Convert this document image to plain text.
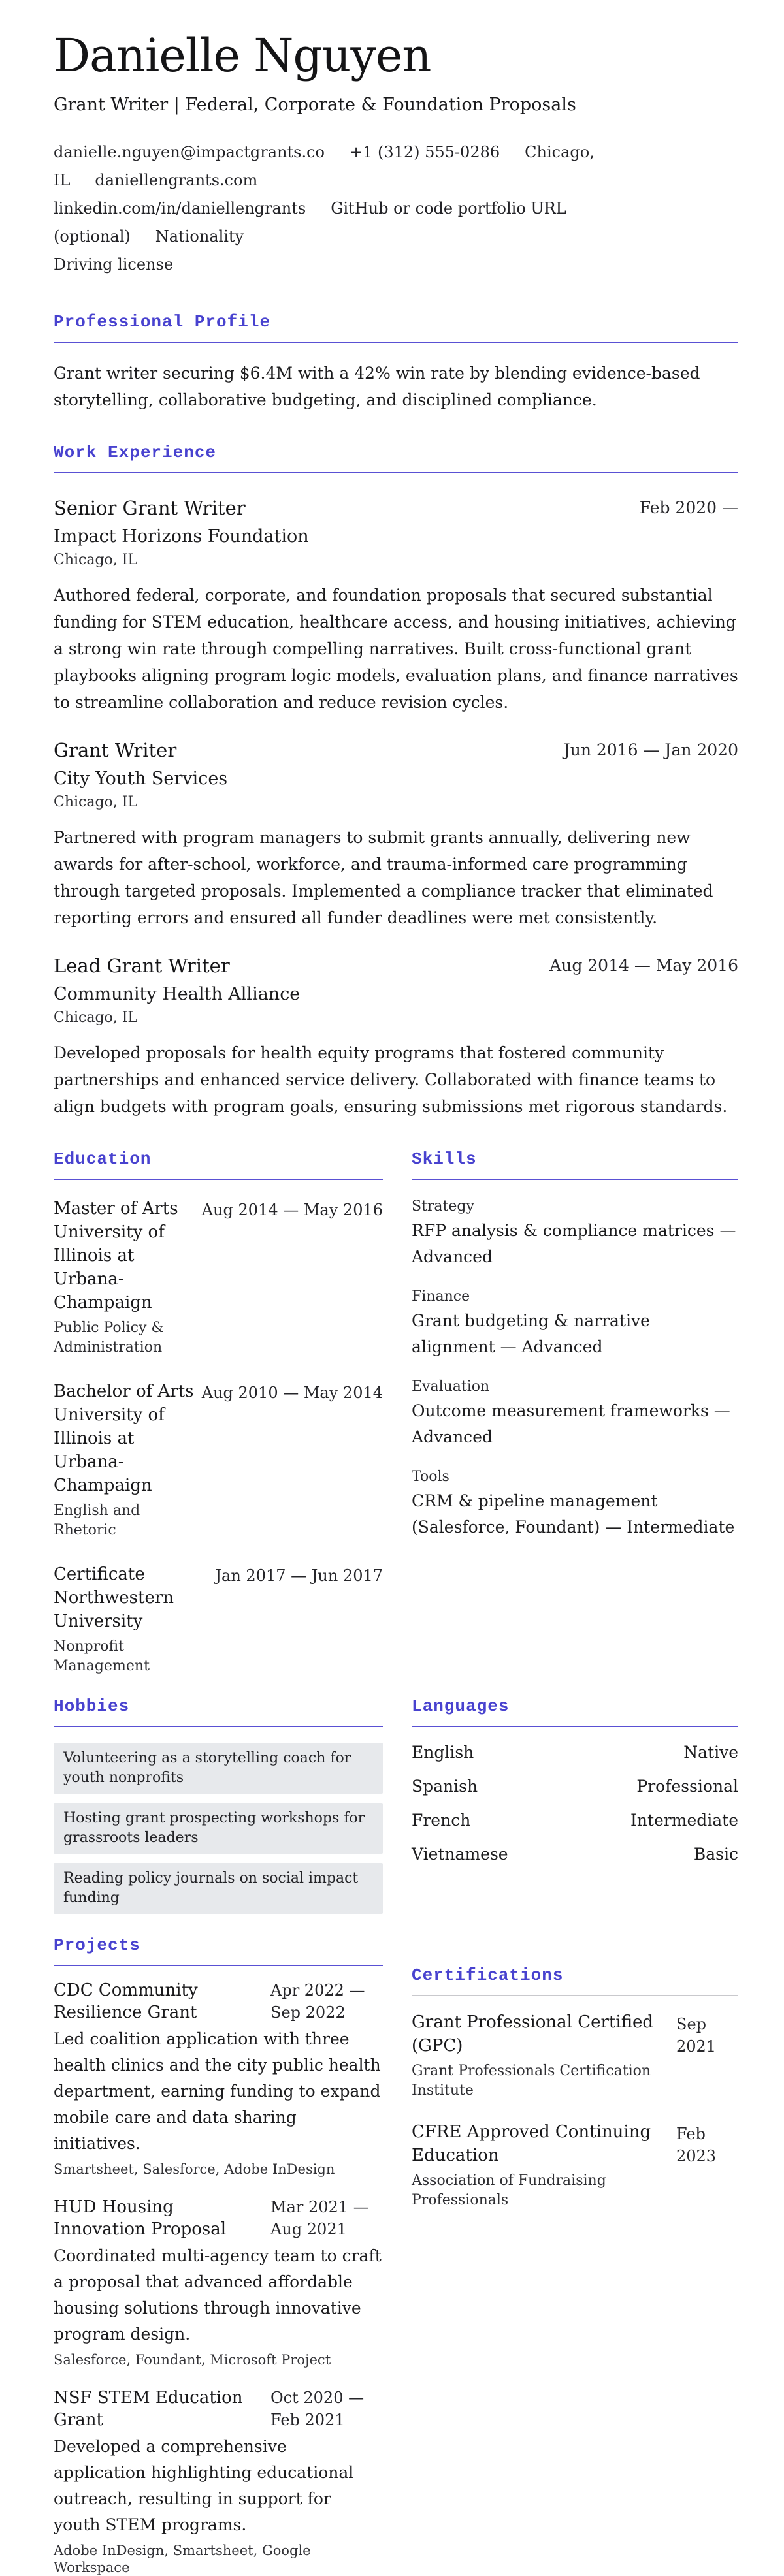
Danielle Nguyen
Grant Writer | Federal, Corporate & Foundation Proposals
danielle.nguyen@impactgrants.co +1 (312) 555-0286 Chicago, IL daniellengrants.com
linkedin.com/in/daniellengrants GitHub or code portfolio URL (optional) Nationality
Driving license
Professional Profile

Grant writer securing $6.4M with a 42% win rate by blending evidence-based storytelling, collaborative budgeting, and disciplined compliance.

Work Experience
Senior Grant Writer	Feb 2020 —
Impact Horizons Foundation
Chicago, IL

Authored federal, corporate, and foundation proposals that secured substantial funding for STEM education, healthcare access, and housing initiatives, achieving a strong win rate through compelling narratives. Built cross-functional grant playbooks aligning program logic models, evaluation plans, and finance narratives to streamline collaboration and reduce revision cycles.

Grant Writer	Jun 2016 — Jan 2020
City Youth Services
Chicago, IL

Partnered with program managers to submit grants annually, delivering new awards for after-school, workforce, and trauma-informed care programming through targeted proposals. Implemented a compliance tracker that eliminated reporting errors and ensured all funder deadlines were met consistently.

Lead Grant Writer	Aug 2014 — May 2016
Community Health Alliance
Chicago, IL

Developed proposals for health equity programs that fostered community partnerships and enhanced service delivery. Collaborated with finance teams to align budgets with program goals, ensuring submissions met rigorous standards.

Education
Master of Arts
University of Illinois at Urbana-Champaign
Public Policy & Administration
Aug 2014 — May 2016
Bachelor of Arts
University of Illinois at Urbana-Champaign
English and Rhetoric
Aug 2010 — May 2014
Certificate
Northwestern University
Nonprofit Management
Jan 2017 — Jun 2017
Skills
Strategy
RFP analysis & compliance matrices — Advanced
Finance
Grant budgeting & narrative alignment — Advanced
Evaluation
Outcome measurement frameworks — Advanced
Tools
CRM & pipeline management (Salesforce, Foundant) — Intermediate
Hobbies
Volunteering as a storytelling coach for youth nonprofits
Hosting grant prospecting workshops for grassroots leaders
Reading policy journals on social impact funding
Languages
English	Native
Spanish	Professional
French	Intermediate
Vietnamese	Basic
Projects
CDC Community Resilience Grant
Apr 2022 — Sep 2022

Led coalition application with three health clinics and the city public health department, earning funding to expand mobile care and data sharing initiatives.

Smartsheet, Salesforce, Adobe InDesign
HUD Housing Innovation Proposal
Mar 2021 — Aug 2021

Coordinated multi-agency team to craft a proposal that advanced affordable housing solutions through innovative program design.

Salesforce, Foundant, Microsoft Project
NSF STEM Education Grant
Oct 2020 — Feb 2021

Developed a comprehensive application highlighting educational outreach, resulting in support for youth STEM programs.

Adobe InDesign, Smartsheet, Google Workspace
Certifications
Grant Professional Certified (GPC)
Grant Professionals Certification Institute
Sep 2021
CFRE Approved Continuing Education
Association of Fundraising Professionals
Feb 2023
